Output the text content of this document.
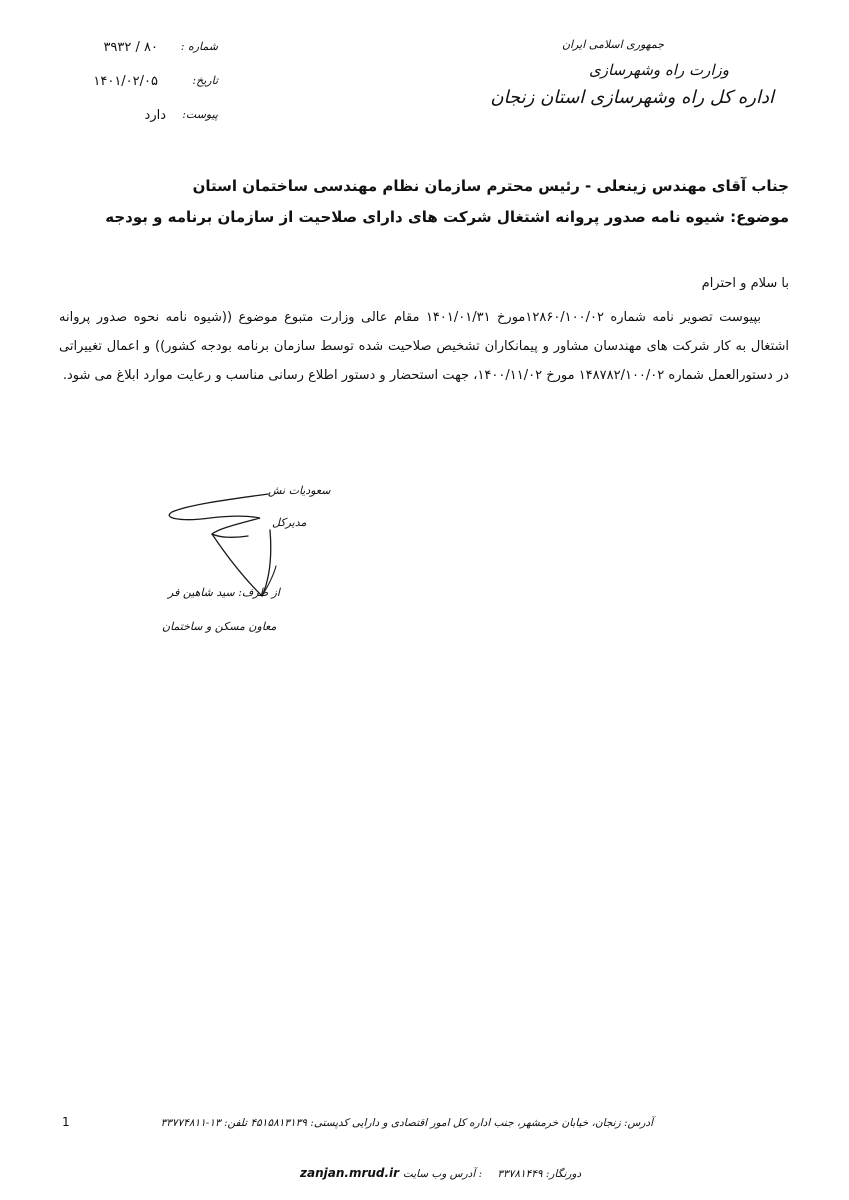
جمهوری اسلامی ایران
وزارت راه وشهرسازی
اداره کل راه وشهرسازی استان زنجان
شماره :
۸۰ / ۳۹۳۲
تاریخ:
۱۴۰۱/۰۲/۰۵
پیوست:
دارد
جناب آقای مهندس زینعلی - رئیس محترم سازمان نظام مهندسی ساختمان استان
موضوع: شیوه نامه صدور پروانه اشتغال شرکت های دارای صلاحیت از سازمان برنامه و بودجه
با سلام و احترام

بپیوست تصویر نامه شماره ۱۲۸۶۰/۱۰۰/۰۲مورخ ۱۴۰۱/۰۱/۳۱ مقام عالی وزارت متبوع موضوع ((شیوه نامه نحوه صدور پروانه اشتغال به کار شرکت های مهندسان مشاور و پیمانکاران تشخیص صلاحیت شده توسط سازمان برنامه بودجه کشور)) و اعمال تغییراتی در دستورالعمل شماره ۱۴۸۷۸۲/۱۰۰/۰۲ مورخ ۱۴۰۰/۱۱/۰۲، جهت استحضار و دستور اطلاع رسانی مناسب و رعایت موارد ابلاغ می شود.

سعودیات نش
مدیرکل
از طرف: سید شاهین فر
معاون مسکن و ساختمان
1	آدرس: زنجان، خیابان خرمشهر، جنب اداره کل امور اقتصادی و دارایی کدپستی: ۴۵۱۵۸۱۳۱۳۹ تلفن: ۱۳-۳۳۷۷۴۸۱۱
zanjan.mrud.ir : آدرس وب سایت دورنگار: ۳۳۷۸۱۴۴۹
